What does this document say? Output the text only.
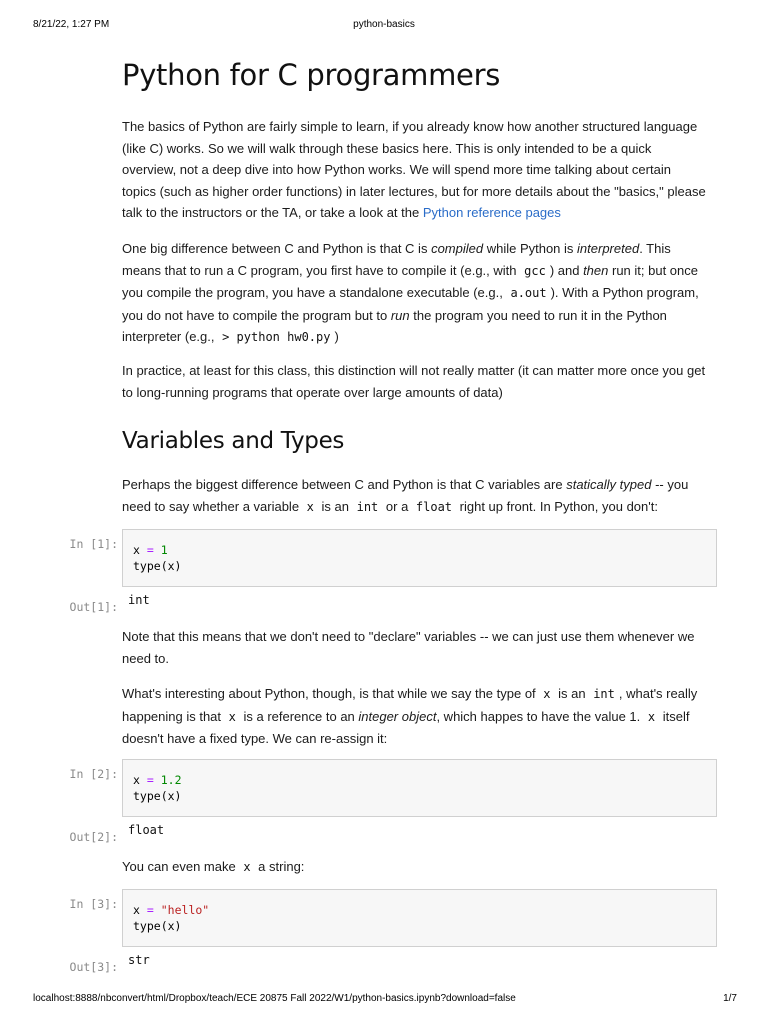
8/21/22, 1:27 PM	python-basics
Python for C programmers

The basics of Python are fairly simple to learn, if you already know how another structured language (like C) works. So we will walk through these basics here. This is only intended to be a quick overview, not a deep dive into how Python works. We will spend more time talking about certain topics (such as higher order functions) in later lectures, but for more details about the "basics," please talk to the instructors or the TA, or take a look at the Python reference pages

One big difference between C and Python is that C is compiled while Python is interpreted. This means that to run a C program, you first have to compile it (e.g., with gcc ) and then run it; but once you compile the program, you have a standalone executable (e.g., a.out ). With a Python program, you do not have to compile the program but to run the program you need to run it in the Python interpreter (e.g., > python hw0.py )

In practice, at least for this class, this distinction will not really matter (it can matter more once you get to long-running programs that operate over large amounts of data)

Variables and Types

Perhaps the biggest difference between C and Python is that C variables are statically typed -- you need to say whether a variable x is an int or a float right up front. In Python, you don't:

In [1]: x = 1
type(x)
Out[1]: int

Note that this means that we don't need to "declare" variables -- we can just use them whenever we need to.

What's interesting about Python, though, is that while we say the type of x is an int , what's really happening is that x is a reference to an integer object, which happes to have the value 1. x itself doesn't have a fixed type. We can re-assign it:

In [2]: x = 1.2
type(x)
Out[2]: float

You can even make x a string:

In [3]: x = "hello"
type(x)
Out[3]: str
localhost:8888/nbconvert/html/Dropbox/teach/ECE 20875 Fall 2022/W1/python-basics.ipynb?download=false	1/7
